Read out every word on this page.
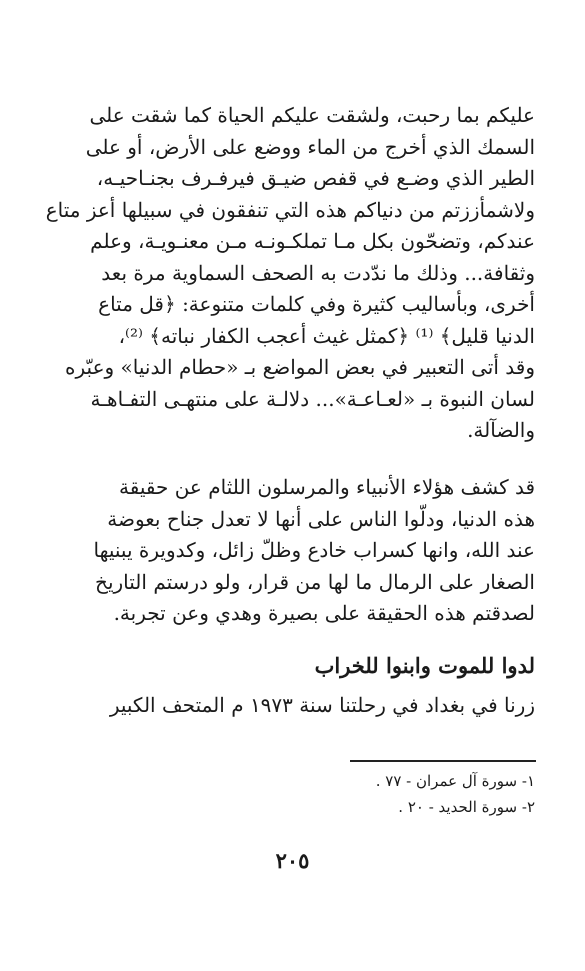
عليكم بما رحبت، ولشقت عليكم الحياة كما شقت على
السمك الذي أخرج من الماء ووضع على الأرض، أو على
الطير الذي وضـع في قفص ضيـق فيرفـرف بجنـاحيـه،
ولاشمأززتم من دنياكم هذه التي تنفقون في سبيلها أعز متاع
عندكم، وتضحّون بكل مـا تملكـونـه مـن معنـويـة، وعلم
وثقافة... وذلك ما ندّدت به الصحف السماوية مرة بعد
أخرى، وبأساليب كثيرة وفي كلمات متنوعة: ﴿قل متاع
الدنيا قليل﴾ ⁽¹⁾ ﴿كمثل غيث أعجب الكفار نباته﴾ ⁽²⁾،
وقد أتى التعبير في بعض المواضع بـ «حطام الدنيا» وعبّره
لسان النبوة بـ «لعـاعـة»... دلالـة على منتهـى التفـاهـة
والضآلة.
قد كشف هؤلاء الأنبياء والمرسلون اللثام عن حقيقة
هذه الدنيا، ودلّوا الناس على أنها لا تعدل جناح بعوضة
عند الله، وانها كسراب خادع وظلّ زائل، وكدويرة يبنيها
الصغار على الرمال ما لها من قرار، ولو درستم التاريخ
لصدقتم هذه الحقيقة على بصيرة وهدي وعن تجربة.
لدوا للموت وابنوا للخراب
زرنا في بغداد في رحلتنا سنة ١٩٧٣ م المتحف الكبير
١- سورة آل عمران - ٧٧ .
٢- سورة الحديد - ٢٠ .
٢٠٥
